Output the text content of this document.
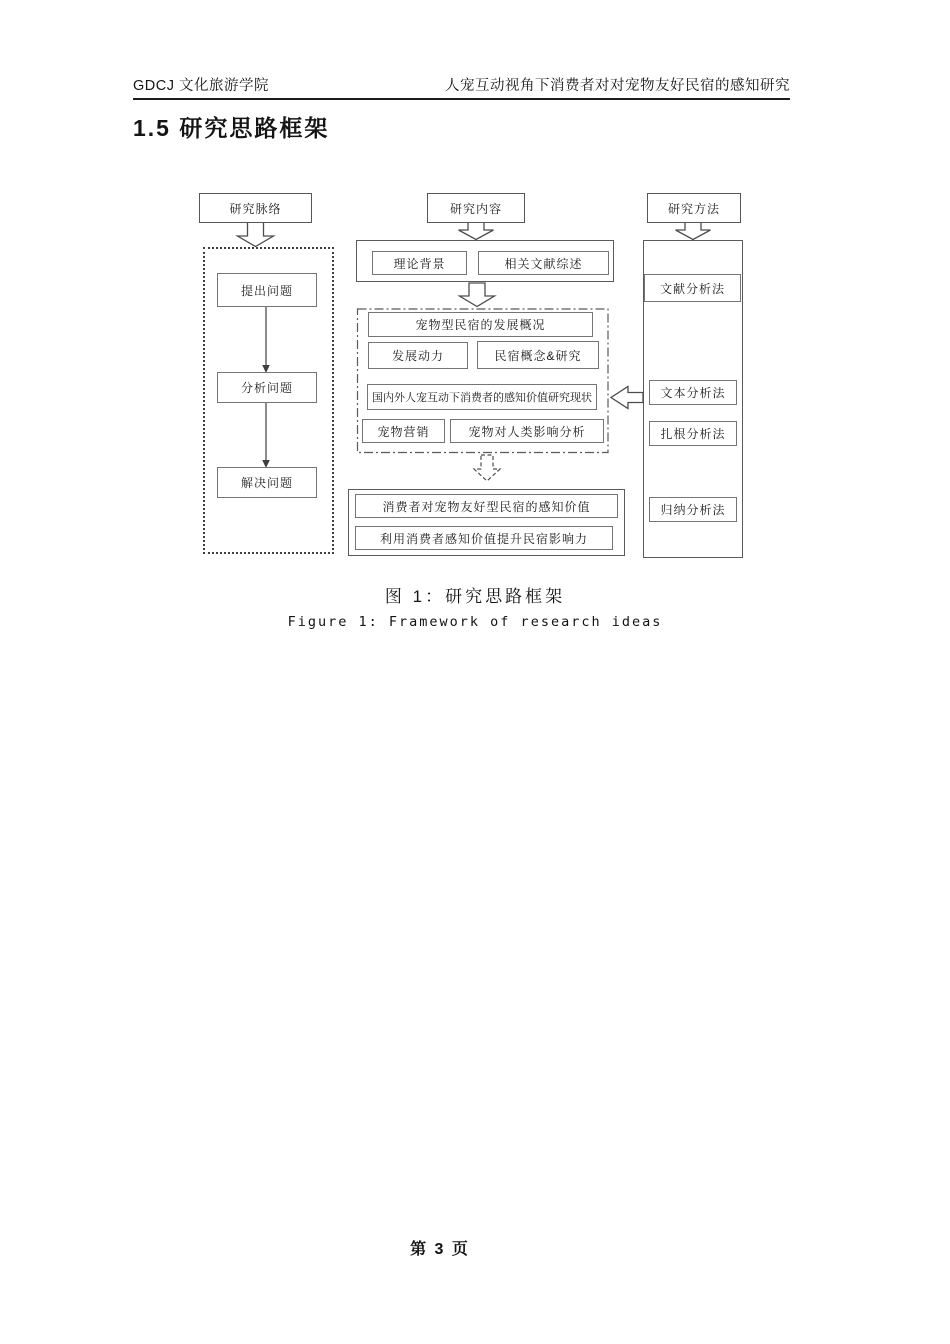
GDCJ 文化旅游学院	人宠互动视角下消费者对对宠物友好民宿的感知研究
1.5 研究思路框架
研究脉络	研究内容	研究方法
提出问题
分析问题
解决问题
理论背景	相关文献综述
宠物型民宿的发展概况
发展动力	民宿概念&研究
国内外人宠互动下消费者的感知价值研究现状
宠物营销	宠物对人类影响分析
消费者对宠物友好型民宿的感知价值
利用消费者感知价值提升民宿影响力
文献分析法
文本分析法
扎根分析法
归纳分析法
图 1：研究思路框架
Figure 1: Framework of research ideas
第 3 页
